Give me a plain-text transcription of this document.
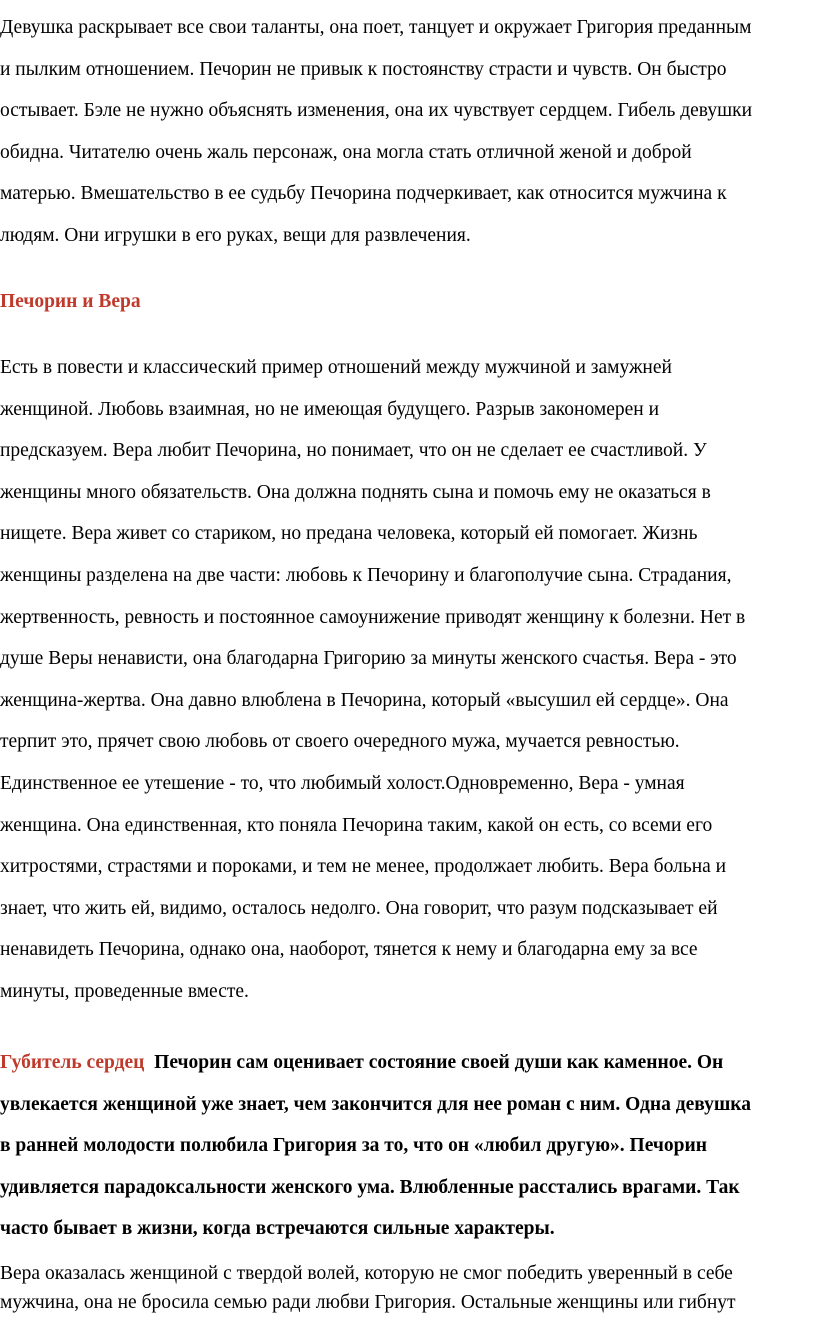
Девушка раскрывает все свои таланты, она поет, танцует и окружает Григория преданным
и пылким отношением. Печорин не привык к постоянству страсти и чувств. Он быстро
остывает. Бэле не нужно объяснять изменения, она их чувствует сердцем. Гибель девушки
обидна. Читателю очень жаль персонаж, она могла стать отличной женой и доброй
матерью. Вмешательство в ее судьбу Печорина подчеркивает, как относится мужчина к
людям. Они игрушки в его руках, вещи для развлечения.
Печорин и Вера
Есть в повести и классический пример отношений между мужчиной и замужней
женщиной. Любовь взаимная, но не имеющая будущего. Разрыв закономерен и
предсказуем. Вера любит Печорина, но понимает, что он не сделает ее счастливой. У
женщины много обязательств. Она должна поднять сына и помочь ему не оказаться в
нищете. Вера живет со стариком, но предана человека, который ей помогает. Жизнь
женщины разделена на две части: любовь к Печорину и благополучие сына. Страдания,
жертвенность, ревность и постоянное самоунижение приводят женщину к болезни. Нет в
душе Веры ненависти, она благодарна Григорию за минуты женского счастья. Вера - это
женщина-жертва. Она давно влюблена в Печорина, который «высушил ей сердце». Она
терпит это, прячет свою любовь от своего очередного мужа, мучается ревностью.
Единственное ее утешение - то, что любимый холост.Одновременно, Вера - умная
женщина. Она единственная, кто поняла Печорина таким, какой он есть, со всеми его
хитростями, страстями и пороками, и тем не менее, продолжает любить. Вера больна и
знает, что жить ей, видимо, осталось недолго. Она говорит, что разум подсказывает ей
ненавидеть Печорина, однако она, наоборот, тянется к нему и благодарна ему за все
минуты, проведенные вместе.
Губитель сердец Печорин сам оценивает состояние своей души как каменное. Он
увлекается женщиной уже знает, чем закончится для нее роман с ним. Одна девушка
в ранней молодости полюбила Григория за то, что он «любил другую». Печорин
удивляется парадоксальности женского ума. Влюбленные расстались врагами. Так
часто бывает в жизни, когда встречаются сильные характеры.
Вера оказалась женщиной с твердой волей, которую не смог победить уверенный в себе
мужчина, она не бросила семью ради любви Григория. Остальные женщины или гибнут
